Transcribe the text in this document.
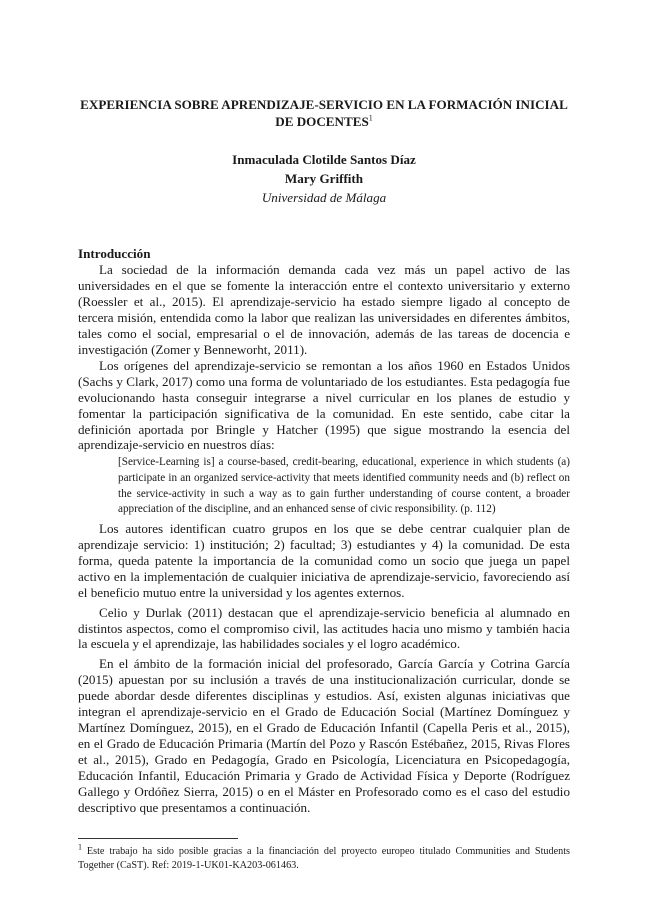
EXPERIENCIA SOBRE APRENDIZAJE-SERVICIO EN LA FORMACIÓN INICIAL DE DOCENTES$^1$
Inmaculada Clotilde Santos Díaz
Mary Griffith
Universidad de Málaga
Introducción

La sociedad de la información demanda cada vez más un papel activo de las universidades en el que se fomente la interacción entre el contexto universitario y externo (Roessler et al., 2015). El aprendizaje-servicio ha estado siempre ligado al concepto de tercera misión, entendida como la labor que realizan las universidades en diferentes ámbitos, tales como el social, empresarial o el de innovación, además de las tareas de docencia e investigación (Zomer y Benneworht, 2011).

Los orígenes del aprendizaje-servicio se remontan a los años 1960 en Estados Unidos (Sachs y Clark, 2017) como una forma de voluntariado de los estudiantes. Esta pedagogía fue evolucionando hasta conseguir integrarse a nivel curricular en los planes de estudio y fomentar la participación significativa de la comunidad. En este sentido, cabe citar la definición aportada por Bringle y Hatcher (1995) que sigue mostrando la esencia del aprendizaje-servicio en nuestros días:

[Service-Learning is] a course-based, credit-bearing, educational, experience in which students (a) participate in an organized service-activity that meets identified community needs and (b) reflect on the service-activity in such a way as to gain further understanding of course content, a broader appreciation of the discipline, and an enhanced sense of civic responsibility. (p. 112)

Los autores identifican cuatro grupos en los que se debe centrar cualquier plan de aprendizaje servicio: 1) institución; 2) facultad; 3) estudiantes y 4) la comunidad. De esta forma, queda patente la importancia de la comunidad como un socio que juega un papel activo en la implementación de cualquier iniciativa de aprendizaje-servicio, favoreciendo así el beneficio mutuo entre la universidad y los agentes externos.

Celio y Durlak (2011) destacan que el aprendizaje-servicio beneficia al alumnado en distintos aspectos, como el compromiso civil, las actitudes hacia uno mismo y también hacia la escuela y el aprendizaje, las habilidades sociales y el logro académico.

En el ámbito de la formación inicial del profesorado, García García y Cotrina García (2015) apuestan por su inclusión a través de una institucionalización curricular, donde se puede abordar desde diferentes disciplinas y estudios. Así, existen algunas iniciativas que integran el aprendizaje-servicio en el Grado de Educación Social (Martínez Domínguez y Martínez Domínguez, 2015), en el Grado de Educación Infantil (Capella Peris et al., 2015), en el Grado de Educación Primaria (Martín del Pozo y Rascón Estébañez, 2015, Rivas Flores et al., 2015), Grado en Pedagogía, Grado en Psicología, Licenciatura en Psicopedagogía, Educación Infantil, Educación Primaria y Grado de Actividad Física y Deporte (Rodríguez Gallego y Ordóñez Sierra, 2015) o en el Máster en Profesorado como es el caso del estudio descriptivo que presentamos a continuación.

$^1$ Este trabajo ha sido posible gracias a la financiación del proyecto europeo titulado Communities and Students Together (CaST). Ref: 2019-1-UK01-KA203-061463.
